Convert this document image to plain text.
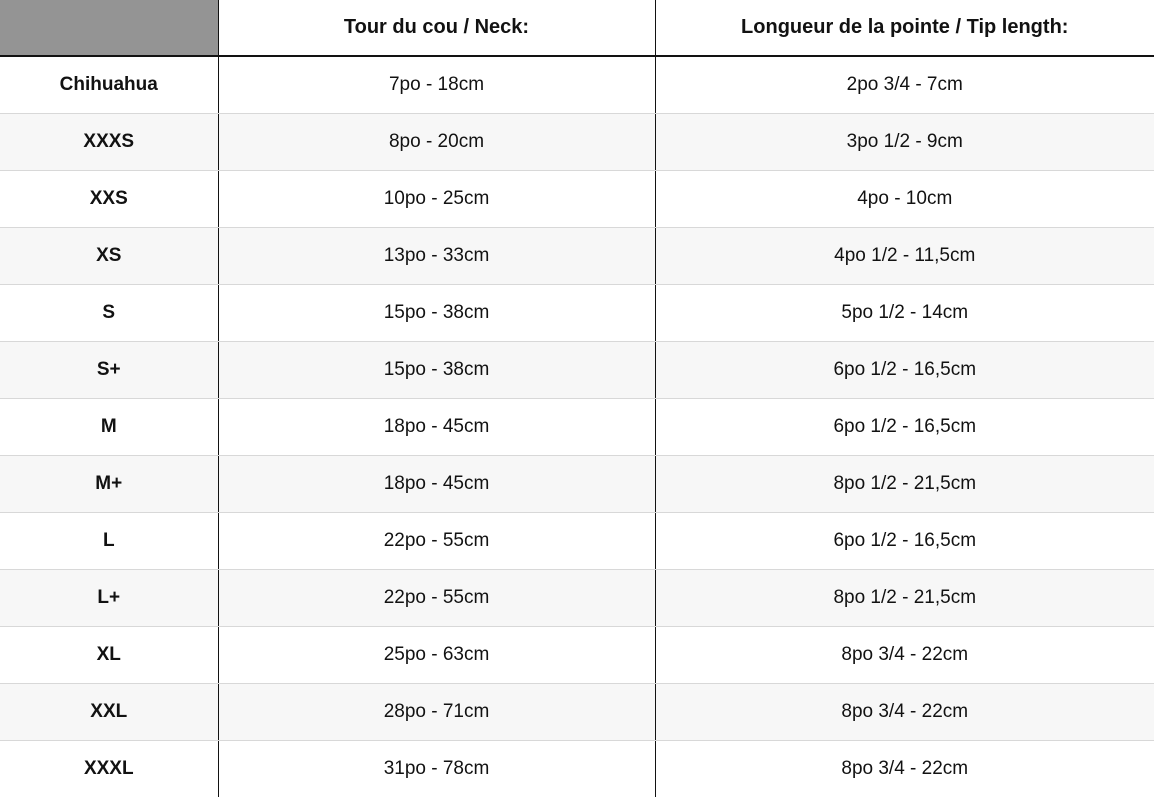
	Tour du cou / Neck:	Longueur de la pointe / Tip length:
Chihuahua	7po - 18cm	2po 3/4 - 7cm
XXXS	8po - 20cm	3po 1/2 - 9cm
XXS	10po - 25cm	4po - 10cm
XS	13po - 33cm	4po 1/2 - 11,5cm
S	15po - 38cm	5po 1/2 - 14cm
S+	15po - 38cm	6po 1/2 - 16,5cm
M	18po - 45cm	6po 1/2 - 16,5cm
M+	18po - 45cm	8po 1/2 - 21,5cm
L	22po - 55cm	6po 1/2 - 16,5cm
L+	22po - 55cm	8po 1/2 - 21,5cm
XL	25po - 63cm	8po 3/4 - 22cm
XXL	28po - 71cm	8po 3/4 - 22cm
XXXL	31po - 78cm	8po 3/4 - 22cm
